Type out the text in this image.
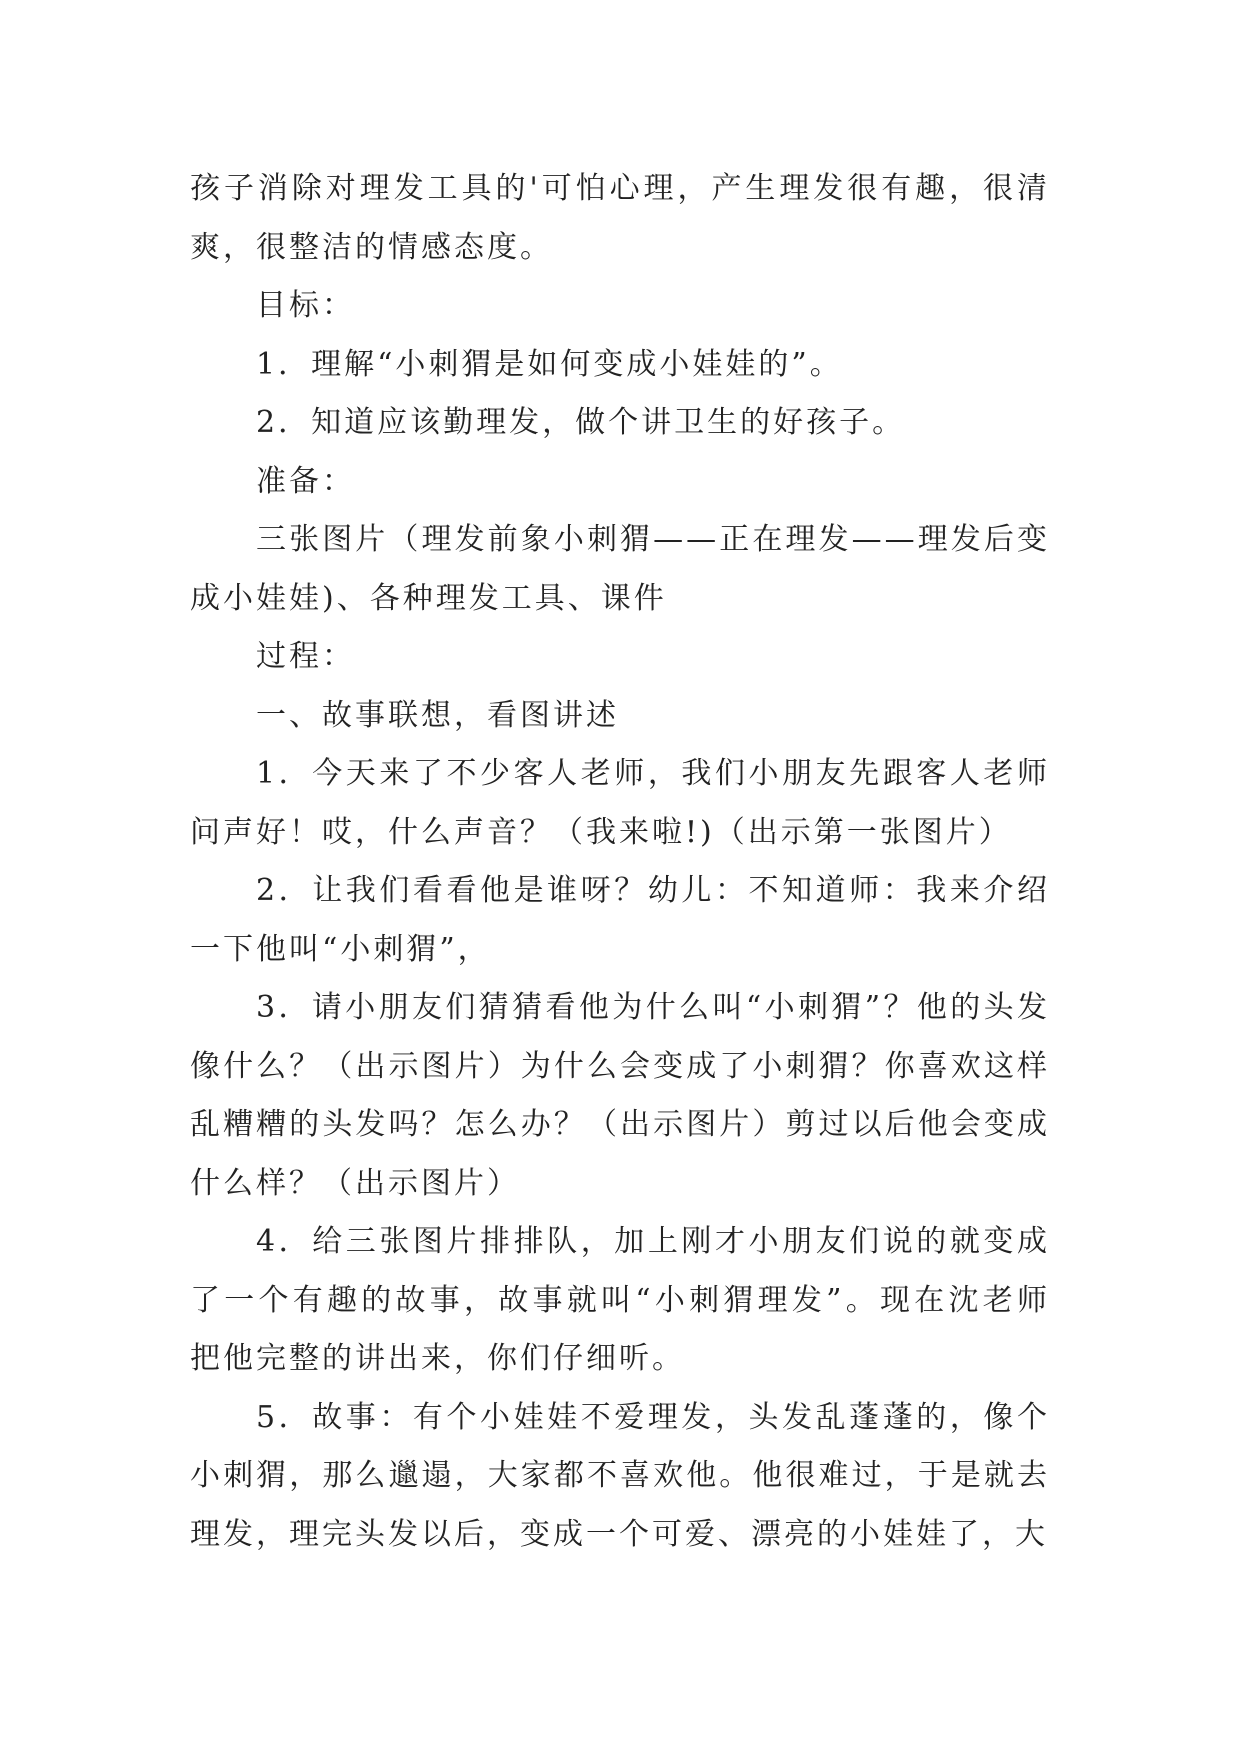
孩子消除对理发工具的'可怕心理，产生理发很有趣，很清爽，很整洁的情感态度。

目标：

1．理解“小刺猬是如何变成小娃娃的”。

2．知道应该勤理发，做个讲卫生的好孩子。

准备：

三张图片（理发前象小刺猬——正在理发——理发后变成小娃娃)、各种理发工具、课件

过程：

一、故事联想，看图讲述

1．今天来了不少客人老师，我们小朋友先跟客人老师问声好！哎，什么声音？（我来啦!)（出示第一张图片）

2．让我们看看他是谁呀？幼儿：不知道师：我来介绍一下他叫“小刺猬”，

3．请小朋友们猜猜看他为什么叫“小刺猬”？他的头发像什么？（出示图片）为什么会变成了小刺猬？你喜欢这样乱糟糟的头发吗？怎么办？（出示图片）剪过以后他会变成什么样？（出示图片）

4．给三张图片排排队，加上刚才小朋友们说的就变成了一个有趣的故事，故事就叫“小刺猬理发”。现在沈老师把他完整的讲出来，你们仔细听。

5．故事：有个小娃娃不爱理发，头发乱蓬蓬的，像个小刺猬，那么邋遢，大家都不喜欢他。他很难过，于是就去理发，理完头发以后，变成一个可爱、漂亮的小娃娃了，大
